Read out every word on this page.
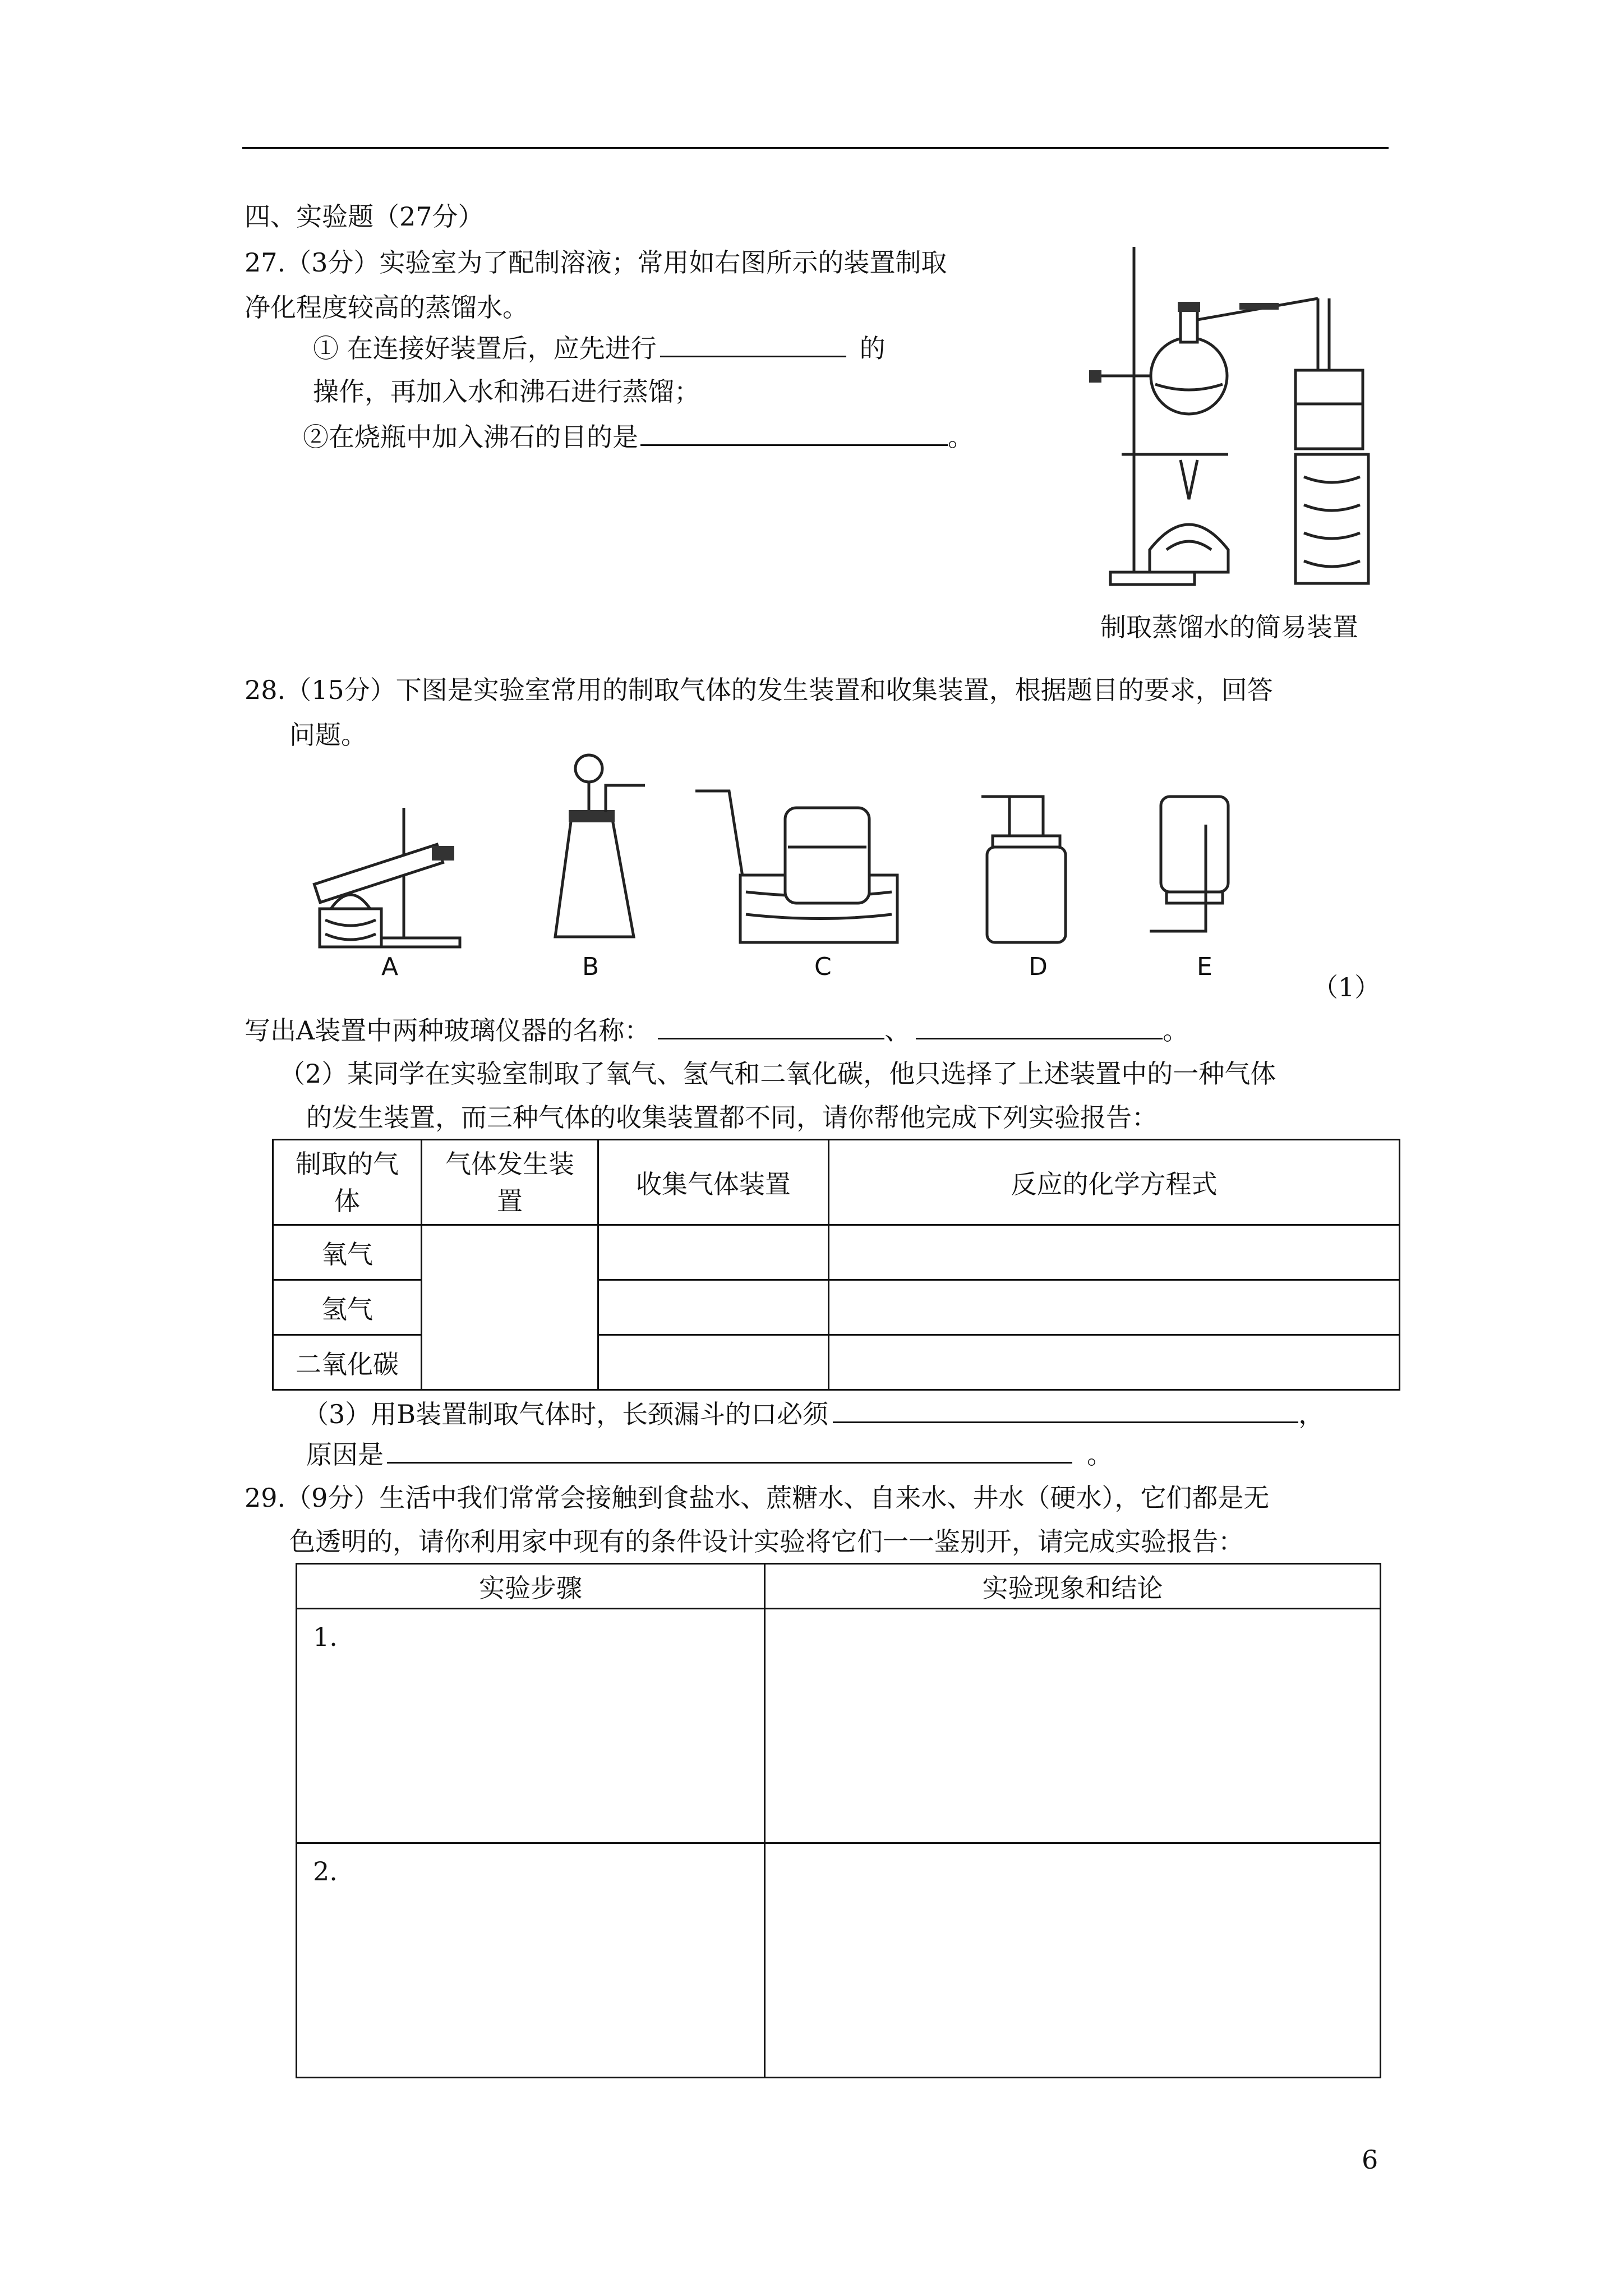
四、实验题（27分）
27.（3分）实验室为了配制溶液；常用如右图所示的装置制取
净化程度较高的蒸馏水。
① 在连接好装置后，应先进行	的
操作，再加入水和沸石进行蒸馏；
②在烧瓶中加入沸石的目的是	。
制取蒸馏水的简易装置
28.（15分）下图是实验室常用的制取气体的发生装置和收集装置，根据题目的要求，回答
问题。
A	B	C	D	E
（1）
写出A装置中两种玻璃仪器的名称：	、	。
（2）某同学在实验室制取了氧气、氢气和二氧化碳，他只选择了上述装置中的一种气体
的发生装置，而三种气体的收集装置都不同，请你帮他完成下列实验报告：
制取的气
体	气体发生装
置	收集气体装置	反应的化学方程式
氧气			
氢气			
二氧化碳			
（3）用B装置制取气体时，长颈漏斗的口必须	，
原因是	。
29.（9分）生活中我们常常会接触到食盐水、蔗糖水、自来水、井水（硬水），它们都是无
色透明的，请你利用家中现有的条件设计实验将它们一一鉴别开，请完成实验报告：
实验步骤	实验现象和结论
1.	
2.	
6
